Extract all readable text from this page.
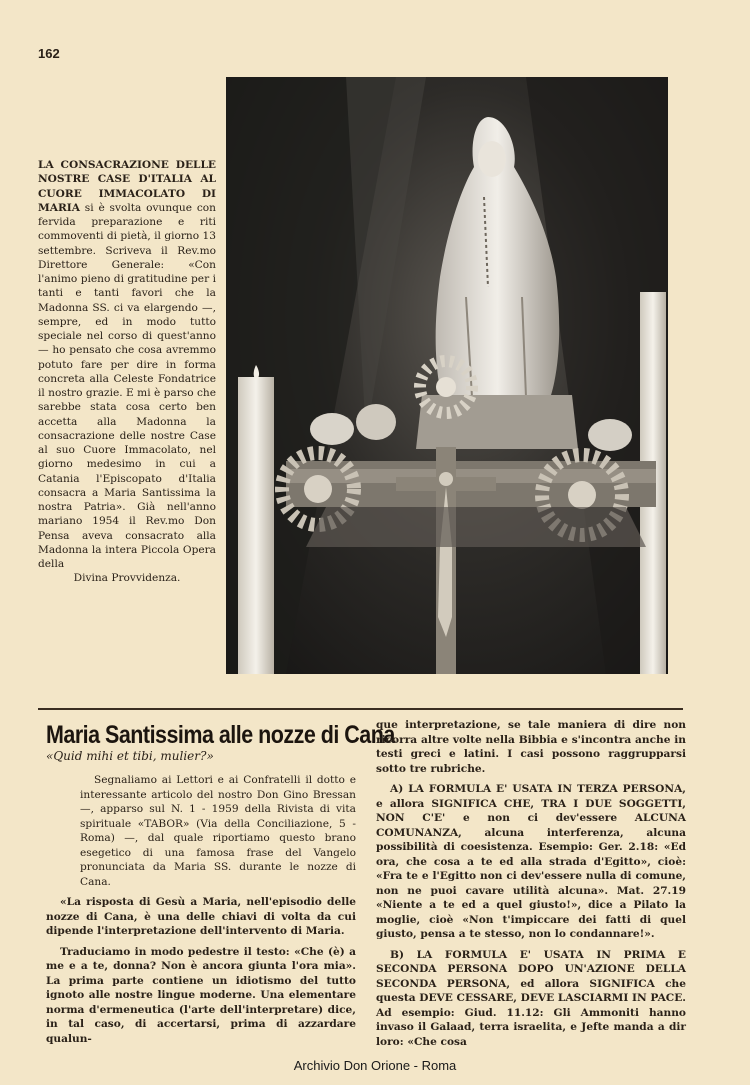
162
LA CONSACRAZIONE DELLE NOSTRE CASE D'ITALIA AL CUORE IMMACOLATO DI MARIA si è svolta ovunque con fervida preparazione e riti commoventi di pietà, il giorno 13 settembre. Scriveva il Rev.mo Direttore Generale: «Con l'animo pieno di gratitudine per i tanti e tanti favori che la Madonna SS. ci va elargendo —, sempre, ed in modo tutto speciale nel corso di quest'anno — ho pensato che cosa avremmo potuto fare per dire in forma concreta alla Celeste Fondatrice il nostro grazie. E mi è parso che sarebbe stata cosa certo ben accetta alla Madonna la consacrazione delle nostre Case al suo Cuore Immacolato, nel giorno medesimo in cui a Catania l'Episcopato d'Italia consacra a Maria Santissima la nostra Patria». Già nell'anno mariano 1954 il Rev.mo Don Pensa aveva consacrato alla Madonna la intera Piccola Opera della
Divina Provvidenza.
Maria Santissima alle nozze di Cana
«Quid mihi et tibi, mulier?»

Segnaliamo ai Lettori e ai Confratelli il dotto e interessante articolo del nostro Don Gino Bressan —, apparso sul N. 1 - 1959 della Rivista di vita spirituale «TABOR» (Via della Conciliazione, 5 - Roma) —, dal quale riportiamo questo brano esegetico di una famosa frase del Vangelo pronunciata da Maria SS. durante le nozze di Cana.

«La risposta di Gesù a Maria, nell'episodio delle nozze di Cana, è una delle chiavi di volta da cui dipende l'interpretazione dell'intervento di Maria.

Traduciamo in modo pedestre il testo: «Che (è) a me e a te, donna? Non è ancora giunta l'ora mia». La prima parte contiene un idiotismo del tutto ignoto alle nostre lingue moderne. Una elementare norma d'ermeneutica (l'arte dell'interpretare) dice, in tal caso, di accertarsi, prima di azzardare qualun-

que interpretazione, se tale maniera di dire non ricorra altre volte nella Bibbia e s'incontra anche in testi greci e latini. I casi possono raggrupparsi sotto tre rubriche.

A) LA FORMULA E' USATA IN TERZA PERSONA, e allora SIGNIFICA CHE, TRA I DUE SOGGETTI, NON C'E' e non ci dev'essere ALCUNA COMUNANZA, alcuna interferenza, alcuna possibilità di coesistenza. Esempio: Ger. 2.18: «Ed ora, che cosa a te ed alla strada d'Egitto», cioè: «Fra te e l'Egitto non ci dev'essere nulla di comune, non ne puoi cavare utilità alcuna». Mat. 27.19 «Niente a te ed a quel giusto!», dice a Pilato la moglie, cioè «Non t'impiccare dei fatti di quel giusto, pensa a te stesso, non lo condannare!».

B) LA FORMULA E' USATA IN PRIMA E SECONDA PERSONA DOPO UN'AZIONE DELLA SECONDA PERSONA, ed allora SIGNIFICA che questa DEVE CESSARE, DEVE LASCIARMI IN PACE. Ad esempio: Giud. 11.12: Gli Ammoniti hanno invaso il Galaad, terra israelita, e Jefte manda a dir loro: «Che cosa

Archivio Don Orione - Roma
